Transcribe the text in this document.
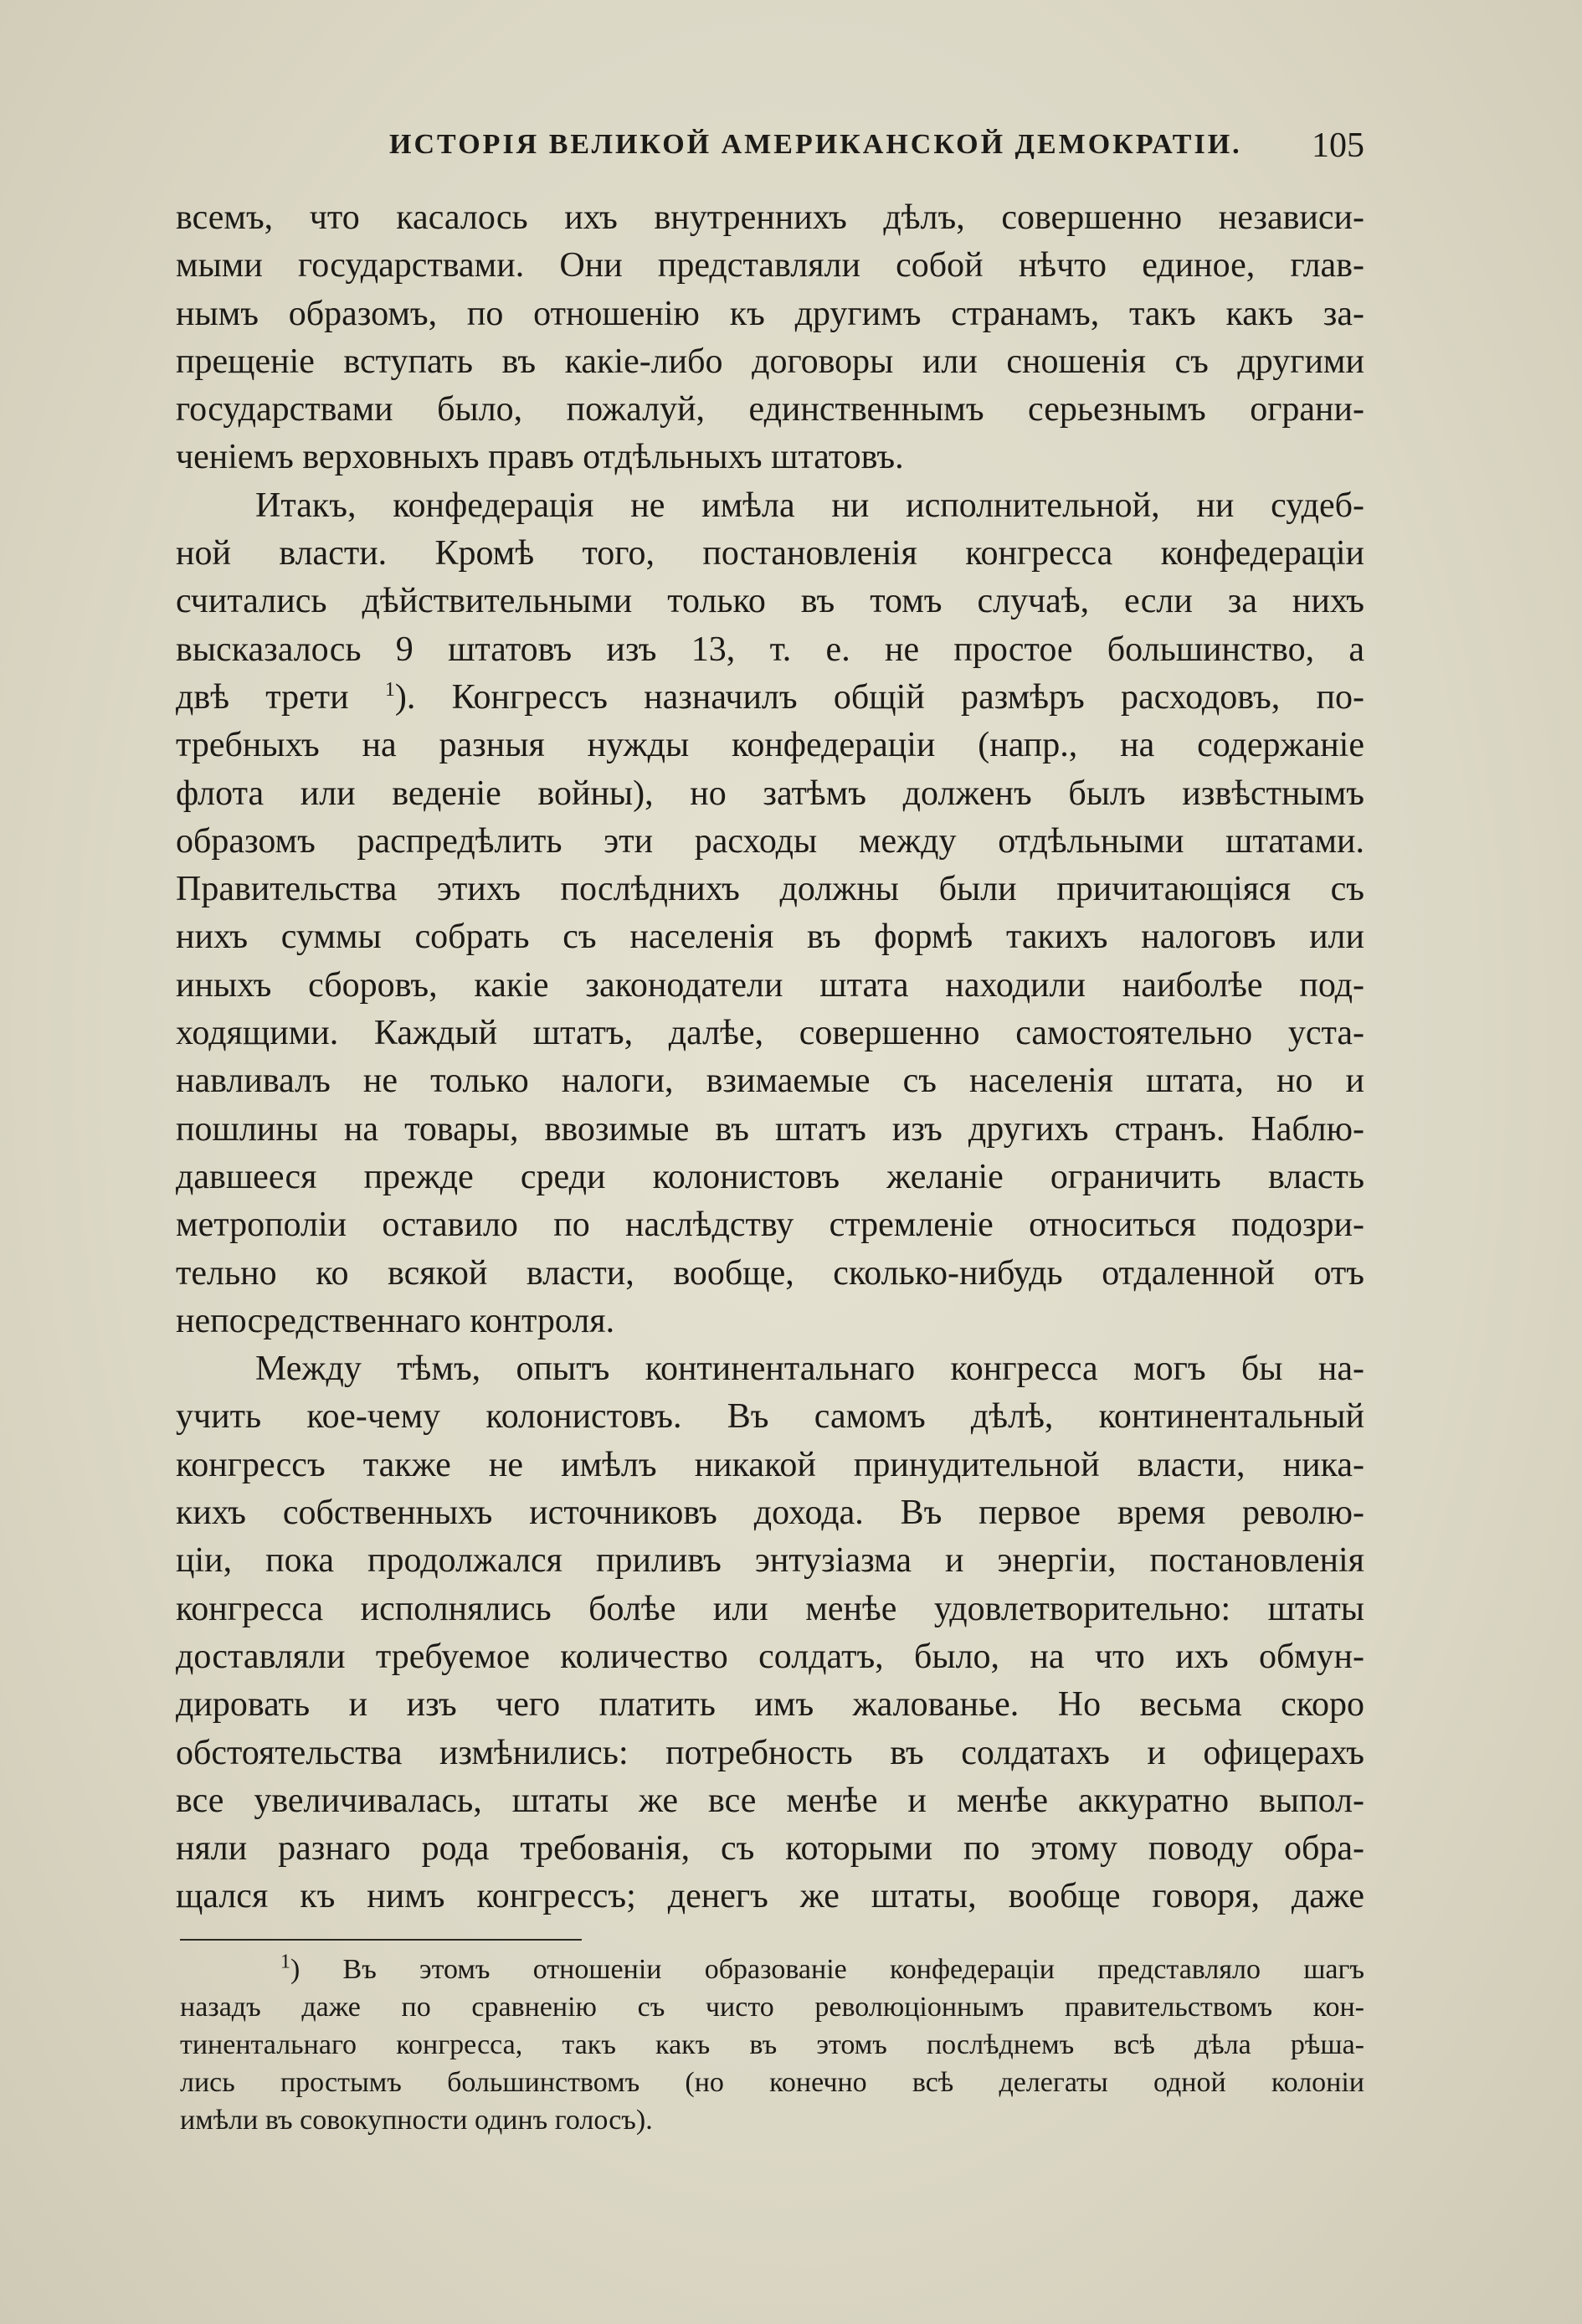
ИСТОРІЯ ВЕЛИКОЙ АМЕРИКАНСКОЙ ДЕМОКРАТІИ. 105
всемъ, что касалось ихъ внутреннихъ дѣлъ, совершенно независи-
мыми государствами. Они представляли собой нѣчто единое, глав-
нымъ образомъ, по отношенію къ другимъ странамъ, такъ какъ за-
прещеніе вступать въ какіе-либо договоры или сношенія съ другими
государствами было, пожалуй, единственнымъ серьезнымъ ограни-
ченіемъ верховныхъ правъ отдѣльныхъ штатовъ.
Итакъ, конфедерація не имѣла ни исполнительной, ни судеб-
ной власти. Кромѣ того, постановленія конгресса конфедераціи
считались дѣйствительными только въ томъ случаѣ, если за нихъ
высказалось 9 штатовъ изъ 13, т. е. не простое большинство, а
двѣ трети $^1$). Конгрессъ назначилъ общій размѣръ расходовъ, по-
требныхъ на разныя нужды конфедераціи (напр., на содержаніе
флота или веденіе войны), но затѣмъ долженъ былъ извѣстнымъ
образомъ распредѣлить эти расходы между отдѣльными штатами.
Правительства этихъ послѣднихъ должны были причитающіяся съ
нихъ суммы собрать съ населенія въ формѣ такихъ налоговъ или
иныхъ сборовъ, какіе законодатели штата находили наиболѣе под-
ходящими. Каждый штатъ, далѣе, совершенно самостоятельно уста-
навливалъ не только налоги, взимаемые съ населенія штата, но и
пошлины на товары, ввозимые въ штатъ изъ другихъ странъ. Наблю-
давшееся прежде среди колонистовъ желаніе ограничить власть
метрополіи оставило по наслѣдству стремленіе относиться подозри-
тельно ко всякой власти, вообще, сколько-нибудь отдаленной отъ
непосредственнаго контроля.
Между тѣмъ, опытъ континентальнаго конгресса могъ бы на-
учить кое-чему колонистовъ. Въ самомъ дѣлѣ, континентальный
конгрессъ также не имѣлъ никакой принудительной власти, ника-
кихъ собственныхъ источниковъ дохода. Въ первое время револю-
ціи, пока продолжался приливъ энтузіазма и энергіи, постановленія
конгресса исполнялись болѣе или менѣе удовлетворительно: штаты
доставляли требуемое количество солдатъ, было, на что ихъ обмун-
дировать и изъ чего платить имъ жалованье. Но весьма скоро
обстоятельства измѣнились: потребность въ солдатахъ и офицерахъ
все увеличивалась, штаты же все менѣе и менѣе аккуратно выпол-
няли разнаго рода требованія, съ которыми по этому поводу обра-
щался къ нимъ конгрессъ; денегъ же штаты, вообще говоря, даже
$^1$) Въ этомъ отношеніи образованіе конфедераціи представляло шагъ
назадъ даже по сравненію съ чисто революціоннымъ правительствомъ кон-
тинентальнаго конгресса, такъ какъ въ этомъ послѣднемъ всѣ дѣла рѣша-
лись простымъ большинствомъ (но конечно всѣ делегаты одной колоніи
имѣли въ совокупности одинъ голосъ).
